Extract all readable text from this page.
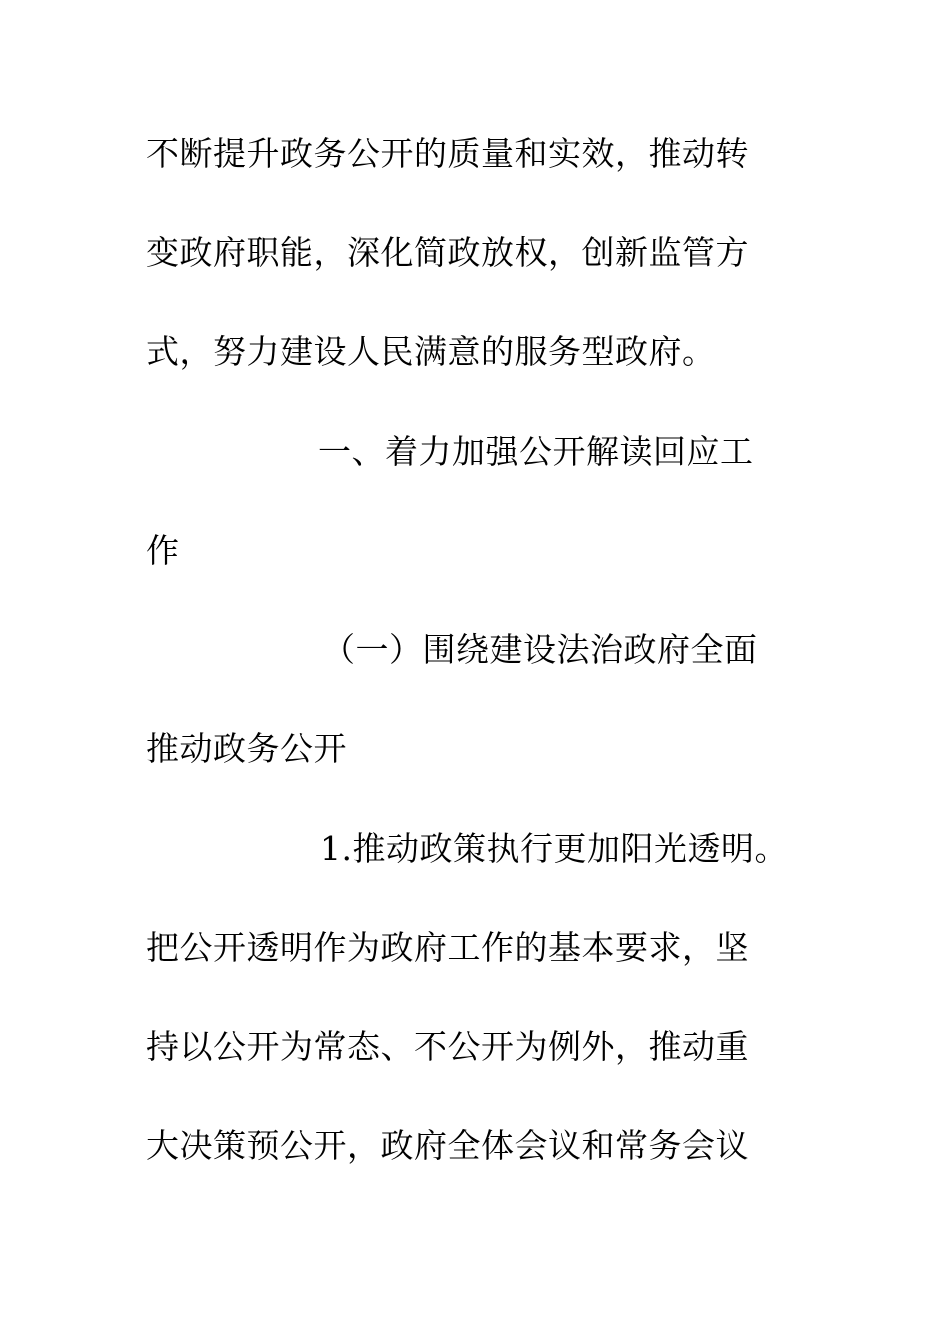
不断提升政务公开的质量和实效，推动转
变政府职能，深化简政放权，创新监管方
式，努力建设人民满意的服务型政府。
一、着力加强公开解读回应工
作
（一）围绕建设法治政府全面
推动政务公开
1.推动政策执行更加阳光透明。
把公开透明作为政府工作的基本要求，坚
持以公开为常态、不公开为例外，推动重
大决策预公开，政府全体会议和常务会议
